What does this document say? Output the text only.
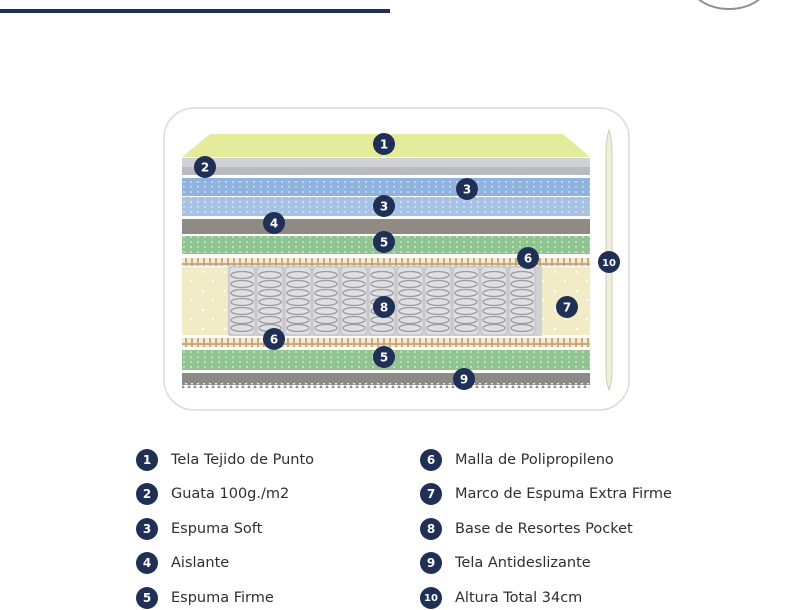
1
2
3
3
4
5
6
7
8
6
5
9
10
1	Tela Tejido de Punto
2	Guata 100g./m2
3	Espuma Soft
4	Aislante
5	Espuma Firme
6	Malla de Polipropileno
7	Marco de Espuma Extra Firme
8	Base de Resortes Pocket
9	Tela Antideslizante
10 Altura Total 34cm
